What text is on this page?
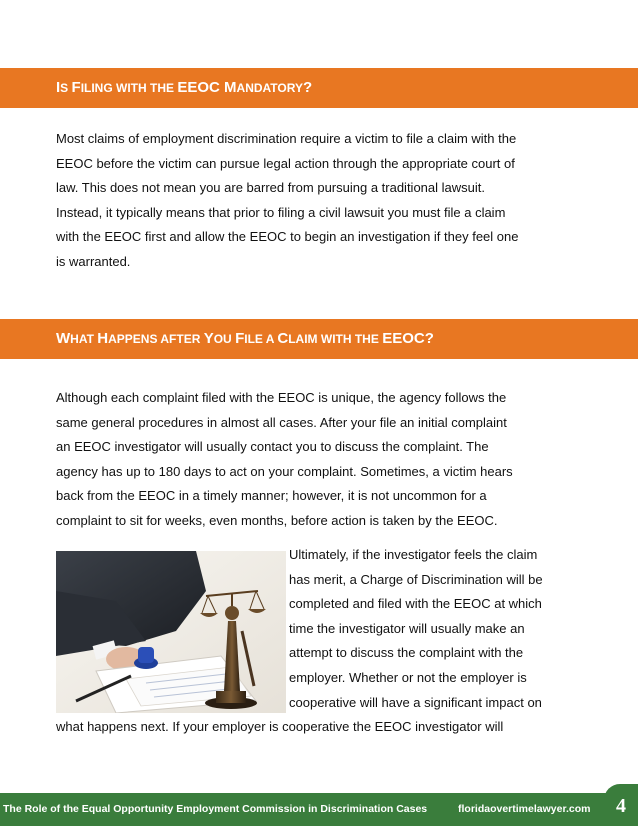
IS FILING WITH THE EEOC MANDATORY?
Most claims of employment discrimination require a victim to file a claim with the
EEOC before the victim can pursue legal action through the appropriate court of
law. This does not mean you are barred from pursuing a traditional lawsuit.
Instead, it typically means that prior to filing a civil lawsuit you must file a claim
with the EEOC first and allow the EEOC to begin an investigation if they feel one
is warranted.
WHAT HAPPENS AFTER YOU FILE A CLAIM WITH THE EEOC?
Although each complaint filed with the EEOC is unique, the agency follows the
same general procedures in almost all cases. After your file an initial complaint
an EEOC investigator will usually contact you to discuss the complaint. The
agency has up to 180 days to act on your complaint. Sometimes, a victim hears
back from the EEOC in a timely manner; however, it is not uncommon for a
complaint to sit for weeks, even months, before action is taken by the EEOC.
Ultimately, if the investigator feels the claim
has merit, a Charge of Discrimination will be
completed and filed with the EEOC at which
time the investigator will usually make an
attempt to discuss the complaint with the
employer. Whether or not the employer is
cooperative will have a significant impact on
what happens next. If your employer is cooperative the EEOC investigator will
The Role of the Equal Opportunity Employment Commission in Discrimination Cases	floridaovertimelawyer.com	4
